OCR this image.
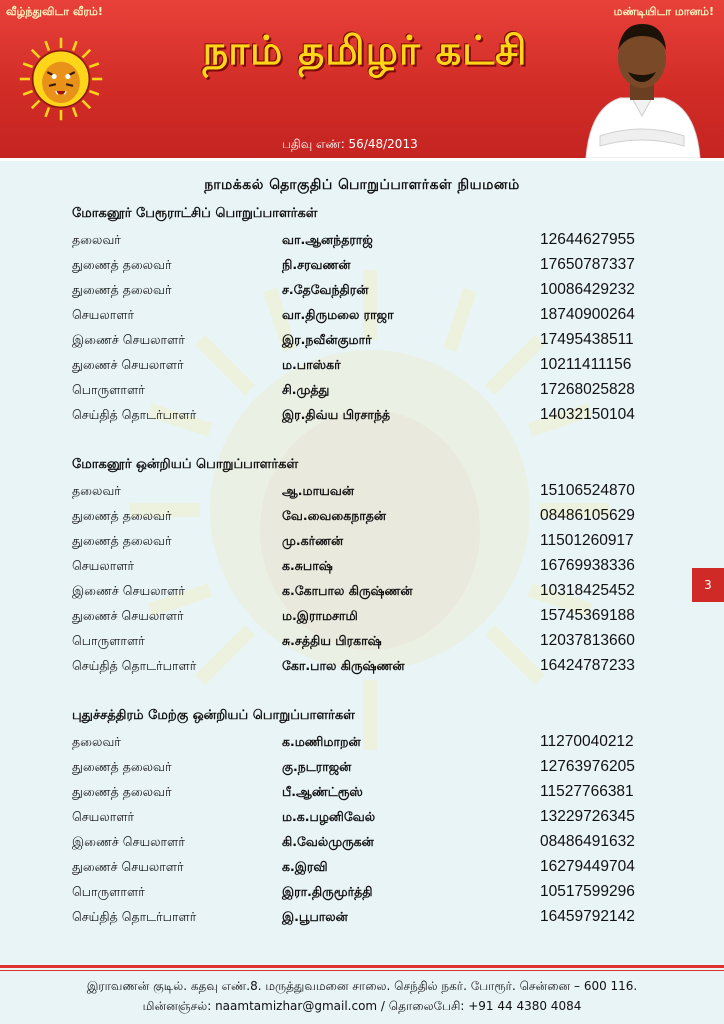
வீழ்ந்துவிடா வீரம்!	மண்டியிடா மானம்!
நாம் தமிழர் கட்சி
பதிவு எண்: 56/48/2013
3
நாமக்கல் தொகுதிப் பொறுப்பாளர்கள் நியமனம்
மோகனூர் பேரூராட்சிப் பொறுப்பாளர்கள்
தலைவர்	வா.ஆனந்தராஜ்	12644627955
துணைத் தலைவர்	நி.சரவணன்	17650787337
துணைத் தலைவர்	ச.தேவேந்திரன்	10086429232
செயலாளர்	வா.திருமலை ராஜா	18740900264
இணைச் செயலாளர்	இர.நவீன்குமார்	17495438511
துணைச் செயலாளர்	ம.பாஸ்கர்	10211411156
பொருளாளர்	சி.முத்து	17268025828
செய்தித் தொடர்பாளர்	இர.திவ்ய பிரசாந்த்	14032150104
மோகனூர் ஒன்றியப் பொறுப்பாளர்கள்
தலைவர்	ஆ.மாயவன்	15106524870
துணைத் தலைவர்	வே.வைகைநாதன்	08486105629
துணைத் தலைவர்	மு.கர்ணன்	11501260917
செயலாளர்	க.சுபாஷ்	16769938336
இணைச் செயலாளர்	க.கோபால கிருஷ்ணன்	10318425452
துணைச் செயலாளர்	ம.இராமசாமி	15745369188
பொருளாளர்	சு.சத்திய பிரகாஷ்	12037813660
செய்தித் தொடர்பாளர்	கோ.பால கிருஷ்ணன்	16424787233
புதுச்சத்திரம் மேற்கு ஒன்றியப் பொறுப்பாளர்கள்
தலைவர்	க.மணிமாறன்	11270040212
துணைத் தலைவர்	கு.நடராஜன்	12763976205
துணைத் தலைவர்	பீ.ஆண்ட்ரூஸ்	11527766381
செயலாளர்	ம.க.பழனிவேல்	13229726345
இணைச் செயலாளர்	கி.வேல்முருகன்	08486491632
துணைச் செயலாளர்	க.இரவி	16279449704
பொருளாளர்	இரா.திருமூர்த்தி	10517599296
செய்தித் தொடர்பாளர்	இ.பூபாலன்	16459792142
இராவணன் குடில். கதவு எண்.8. மருத்துவமனை சாலை. செந்தில் நகர். போரூர். சென்னை – 600 116.
மின்னஞ்சல்: naamtamizhar@gmail.com / தொலைபேசி: +91 44 4380 4084
